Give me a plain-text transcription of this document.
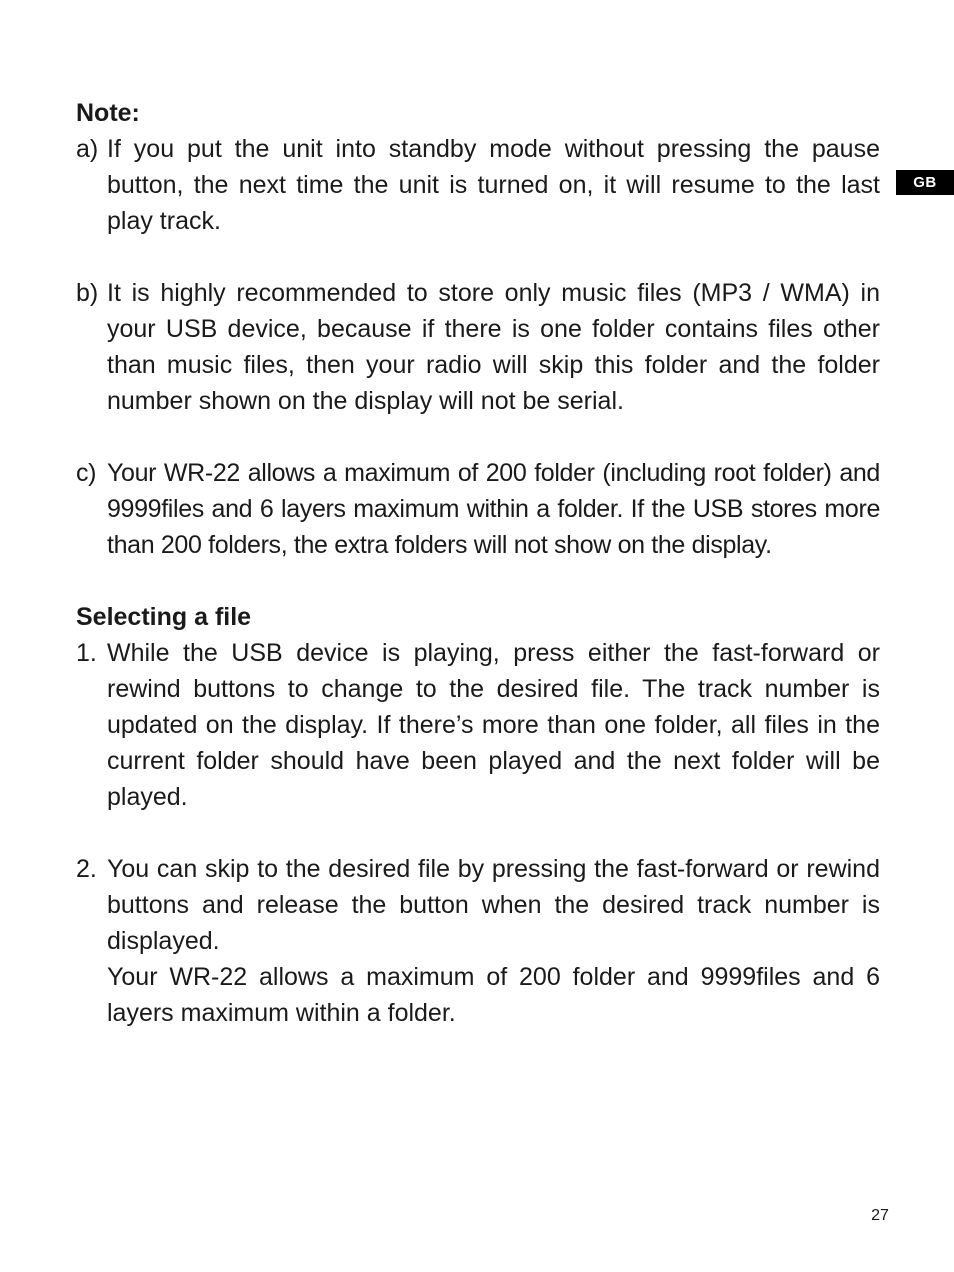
GB

Note:

a) If you put the unit into standby mode without pressing the pause button, the next time the unit is turned on, it will resume to the last play track.

b) It is highly recommended to store only music files (MP3 / WMA) in your USB device, because if there is one folder contains files other than music files, then your radio will skip this folder and the folder number shown on the display will not be serial.

c) Your WR-22 allows a maximum of 200 folder (including root folder) and 9999files and 6 layers maximum within a folder. If the USB stores more than 200 folders, the extra folders will not show on the display.

Selecting a file

1. While the USB device is playing, press either the fast-forward or rewind buttons to change to the desired file. The track number is updated on the display. If there’s more than one folder, all files in the current folder should have been played and the next folder will be played.

2. You can skip to the desired file by pressing the fast-forward or rewind buttons and release the button when the desired track number is displayed.

Your WR-22 allows a maximum of 200 folder and 9999files and 6 layers maximum within a folder.

27
